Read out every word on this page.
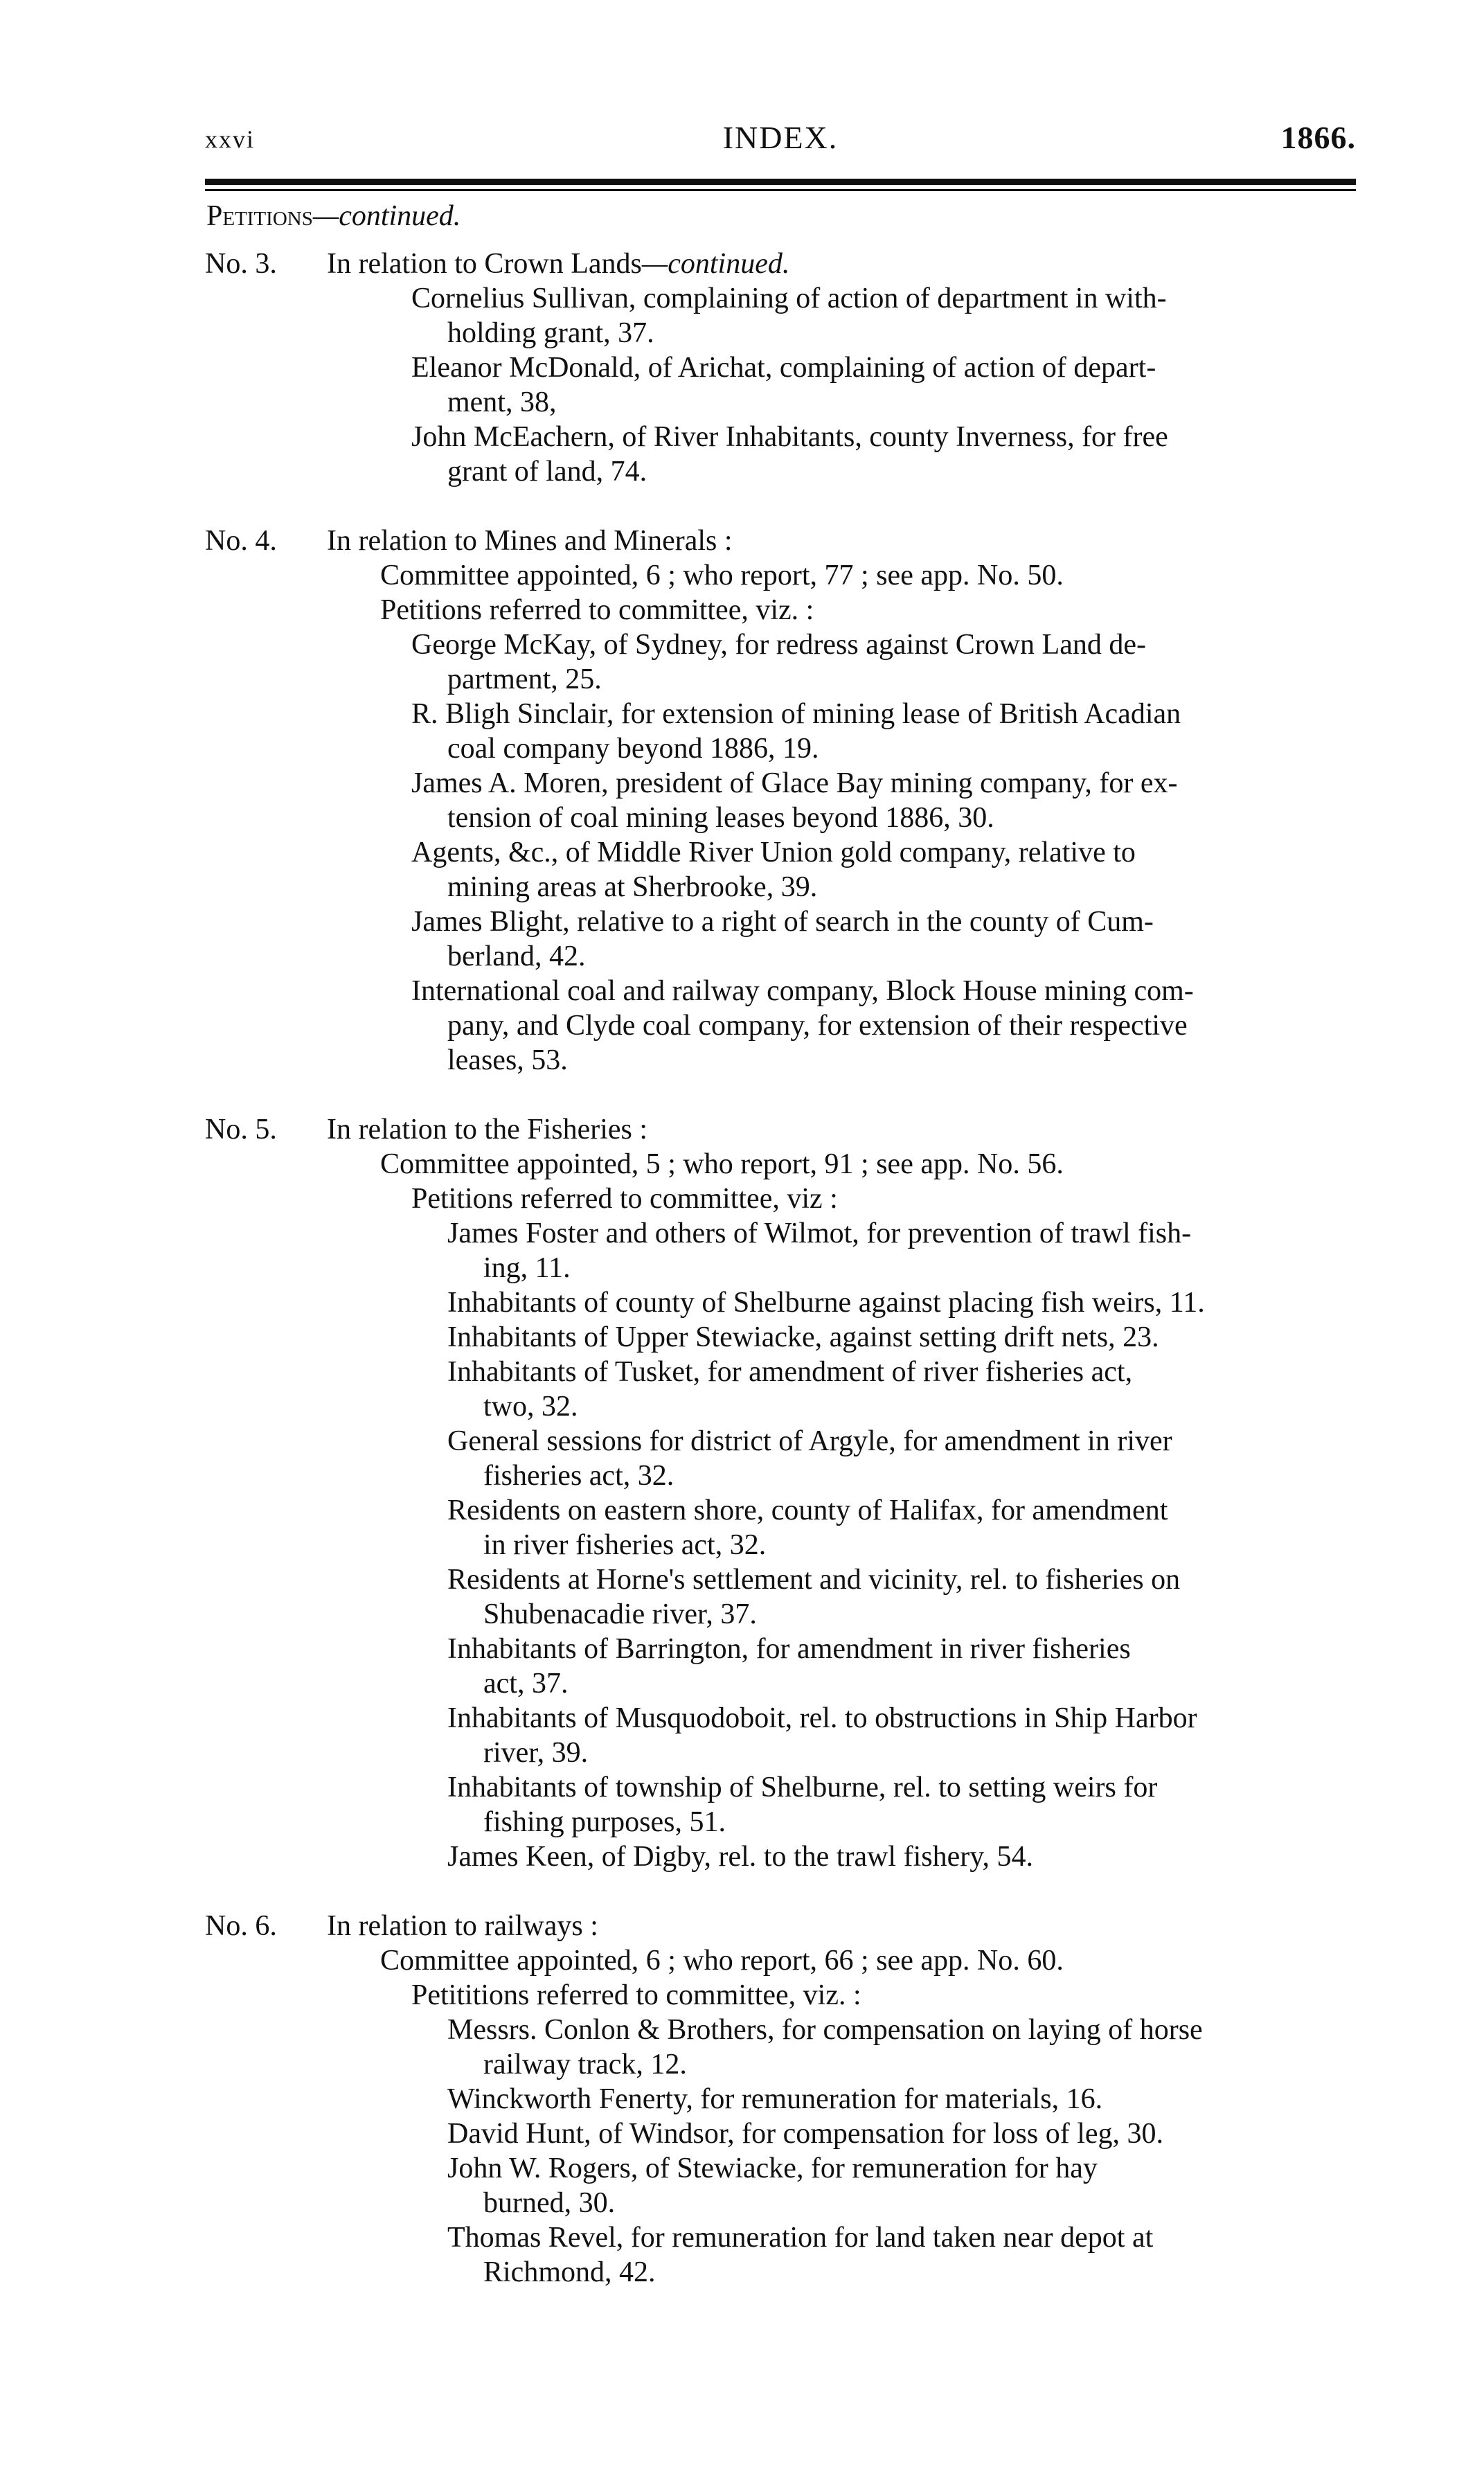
xxvi	INDEX.	1866.
Petitions—continued.
No. 3. In relation to Crown Lands—continued.
Cornelius Sullivan, complaining of action of department in with-
holding grant, 37.
Eleanor McDonald, of Arichat, complaining of action of depart-
ment, 38,
John McEachern, of River Inhabitants, county Inverness, for free
grant of land, 74.
No. 4. In relation to Mines and Minerals :
Committee appointed, 6 ; who report, 77 ; see app. No. 50.
Petitions referred to committee, viz. :
George McKay, of Sydney, for redress against Crown Land de-
partment, 25.
R. Bligh Sinclair, for extension of mining lease of British Acadian
coal company beyond 1886, 19.
James A. Moren, president of Glace Bay mining company, for ex-
tension of coal mining leases beyond 1886, 30.
Agents, &c., of Middle River Union gold company, relative to
mining areas at Sherbrooke, 39.
James Blight, relative to a right of search in the county of Cum-
berland, 42.
International coal and railway company, Block House mining com-
pany, and Clyde coal company, for extension of their respective
leases, 53.
No. 5. In relation to the Fisheries :
Committee appointed, 5 ; who report, 91 ; see app. No. 56.
Petitions referred to committee, viz :
James Foster and others of Wilmot, for prevention of trawl fish-
ing, 11.
Inhabitants of county of Shelburne against placing fish weirs, 11.
Inhabitants of Upper Stewiacke, against setting drift nets, 23.
Inhabitants of Tusket, for amendment of river fisheries act,
two, 32.
General sessions for district of Argyle, for amendment in river
fisheries act, 32.
Residents on eastern shore, county of Halifax, for amendment
in river fisheries act, 32.
Residents at Horne's settlement and vicinity, rel. to fisheries on
Shubenacadie river, 37.
Inhabitants of Barrington, for amendment in river fisheries
act, 37.
Inhabitants of Musquodoboit, rel. to obstructions in Ship Harbor
river, 39.
Inhabitants of township of Shelburne, rel. to setting weirs for
fishing purposes, 51.
James Keen, of Digby, rel. to the trawl fishery, 54.
No. 6. In relation to railways :
Committee appointed, 6 ; who report, 66 ; see app. No. 60.
Petititions referred to committee, viz. :
Messrs. Conlon & Brothers, for compensation on laying of horse
railway track, 12.
Winckworth Fenerty, for remuneration for materials, 16.
David Hunt, of Windsor, for compensation for loss of leg, 30.
John W. Rogers, of Stewiacke, for remuneration for hay
burned, 30.
Thomas Revel, for remuneration for land taken near depot at
Richmond, 42.
